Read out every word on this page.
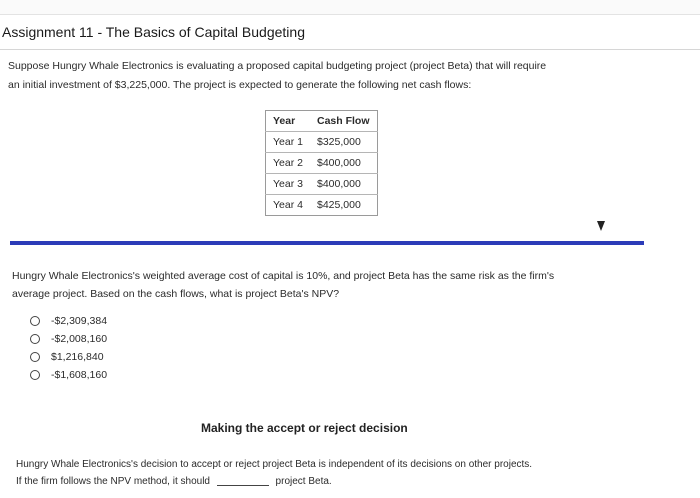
Assignment 11 - The Basics of Capital Budgeting
Suppose Hungry Whale Electronics is evaluating a proposed capital budgeting project (project Beta) that will require
an initial investment of $3,225,000. The project is expected to generate the following net cash flows:
Year	Cash Flow
Year 1	$325,000
Year 2	$400,000
Year 3	$400,000
Year 4	$425,000
Hungry Whale Electronics's weighted average cost of capital is 10%, and project Beta has the same risk as the firm's
average project. Based on the cash flows, what is project Beta's NPV?
-$2,309,384
-$2,008,160
$1,216,840
-$1,608,160
Making the accept or reject decision
Hungry Whale Electronics's decision to accept or reject project Beta is independent of its decisions on other projects.
If the firm follows the NPV method, it should	project Beta.
